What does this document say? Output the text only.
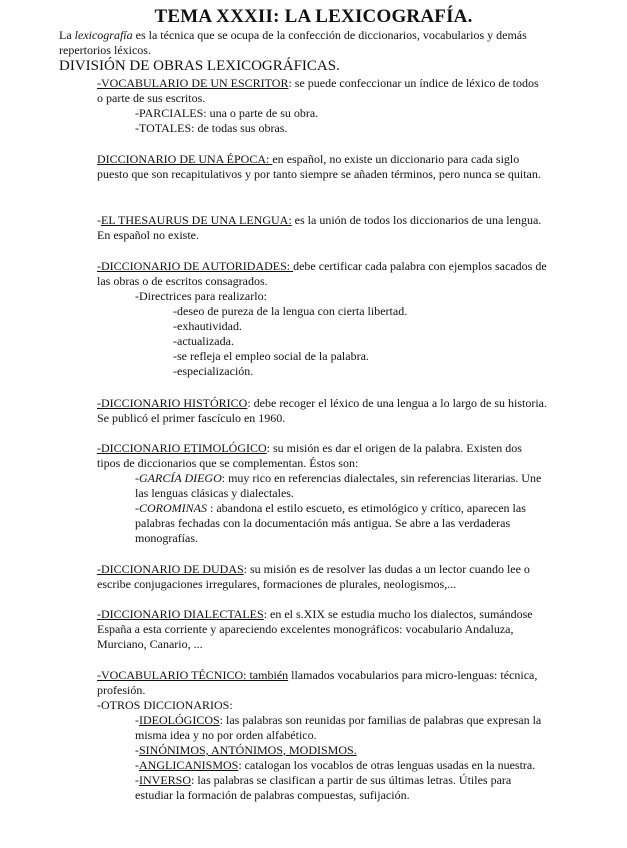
TEMA XXXII: LA LEXICOGRAFÍA.

La lexicografía es la técnica que se ocupa de la confección de diccionarios, vocabularios y demás repertorios léxicos.

DIVISIÓN DE OBRAS LEXICOGRÁFICAS.

-VOCABULARIO DE UN ESCRITOR: se puede confeccionar un índice de léxico de todos o parte de sus escritos.

-PARCIALES: una o parte de su obra.

-TOTALES: de todas sus obras.

DICCIONARIO DE UNA ÉPOCA: en español, no existe un diccionario para cada siglo puesto que son recapitulativos y por tanto siempre se añaden términos, pero nunca se quitan.

-EL THESAURUS DE UNA LENGUA: es la unión de todos los diccionarios de una lengua. En español no existe.

-DICCIONARIO DE AUTORIDADES: debe certificar cada palabra con ejemplos sacados de las obras o de escritos consagrados.

-Directrices para realizarlo:

-deseo de pureza de la lengua con cierta libertad.

-exhautividad.

-actualizada.

-se refleja el empleo social de la palabra.

-especialización.

-DICCIONARIO HISTÓRICO: debe recoger el léxico de una lengua a lo largo de su historia. Se publicó el primer fascículo en 1960.

-DICCIONARIO ETIMOLÓGICO: su misión es dar el origen de la palabra. Existen dos tipos de diccionarios que se complementan. Éstos son:

-GARCÍA DIEGO: muy rico en referencias dialectales, sin referencias literarias. Une las lenguas clásicas y dialectales.

-COROMINAS : abandona el estilo escueto, es etimológico y crítico, aparecen las palabras fechadas con la documentación más antigua. Se abre a las verdaderas monografías.

-DICCIONARIO DE DUDAS: su misión es de resolver las dudas a un lector cuando lee o escribe conjugaciones irregulares, formaciones de plurales, neologismos,...

-DICCIONARIO DIALECTALES: en el s.XIX se estudia mucho los dialectos, sumándose España a esta corriente y apareciendo excelentes monográficos: vocabulario Andaluza, Murciano, Canario, ...

-VOCABULARIO TÉCNICO: también llamados vocabularios para micro-lenguas: técnica, profesión.

-OTROS DICCIONARIOS:

-IDEOLÓGICOS: las palabras son reunidas por familias de palabras que expresan la misma idea y no por orden alfabético.

-SINÓNIMOS, ANTÓNIMOS, MODISMOS.

-ANGLICANISMOS: catalogan los vocablos de otras lenguas usadas en la nuestra.

-INVERSO: las palabras se clasifican a partir de sus últimas letras. Útiles para estudiar la formación de palabras compuestas, sufijación.
